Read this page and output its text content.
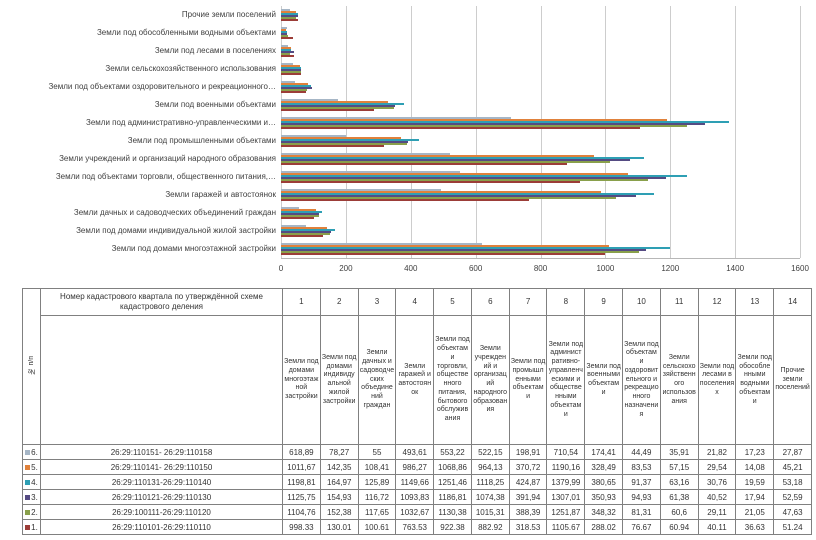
Прочие земли поселений
Земли под обособленными водными объектами
Земли под лесами в поселениях
Земли сельскохозяйственного использования
Земли под объектами оздоровительного и рекреационного…
Земли под военными объектами
Земли под административно-управленческими и…
Земли под промышленными объектами
Земли учреждений и организаций народного образования
Земли под объектами торговли, общественного питания,…
Земли гаражей и автостоянок
Земли дачных и садоводческих объединений граждан
Земли под домами индивидуальной жилой застройки
Земли под домами многоэтажной застройки
0	200	400	600	800	1000	1200	1400	1600
№ п/п	Номер кадастрового квартала по утверждённой схеме кадастрового деления	1	2	3	4	5	6	7	8	9	10	11	12	13	14
		Земли под домами многоэтажной застройки	Земли под домами индивидуальной жилой застройки	Земли дачных и садоводческих объединений граждан	Земли гаражей и автостоянок	Земли под объектами торговли, общественного питания, бытового обслуживания	Земли учреждений и организаций народного образования	Земли под промышленными объектами	Земли под административно-управленческими и общественными объектами	Земли под военными объектами	Земли под объектами оздоровительного и рекреационного назначения	Земли сельскохозяйственного использования	Земли под лесами в поселениях	Земли под обособленными водными объектами	Прочие земли поселений
6.	26:29:110151- 26:29:110158	618,89	78,27	55	493,61	553,22	522,15	198,91	710,54	174,41	44,49	35,91	21,82	17,23	27,87
5.	26:29:110141- 26:29:110150	1011,67	142,35	108,41	986,27	1068,86	964,13	370,72	1190,16	328,49	83,53	57,15	29,54	14,08	45,21
4.	26:29:110131-26:29:110140	1198,81	164,97	125,89	1149,66	1251,46	1118,25	424,87	1379,99	380,65	91,37	63,16	30,76	19,59	53,18
3.	26:29:110121-26:29:110130	1125,75	154,93	116,72	1093,83	1186,81	1074,38	391,94	1307,01	350,93	94,93	61,38	40,52	17,94	52,59
2.	26:29:100111-26:29:110120	1104,76	152,38	117,65	1032,67	1130,38	1015,31	388,39	1251,87	348,32	81,31	60,6	29,11	21,05	47,63
1.	26:29:110101-26:29:110110	998.33	130.01	100.61	763.53	922.38	882.92	318.53	1105.67	288.02	76.67	60.94	40.11	36.63	51.24
